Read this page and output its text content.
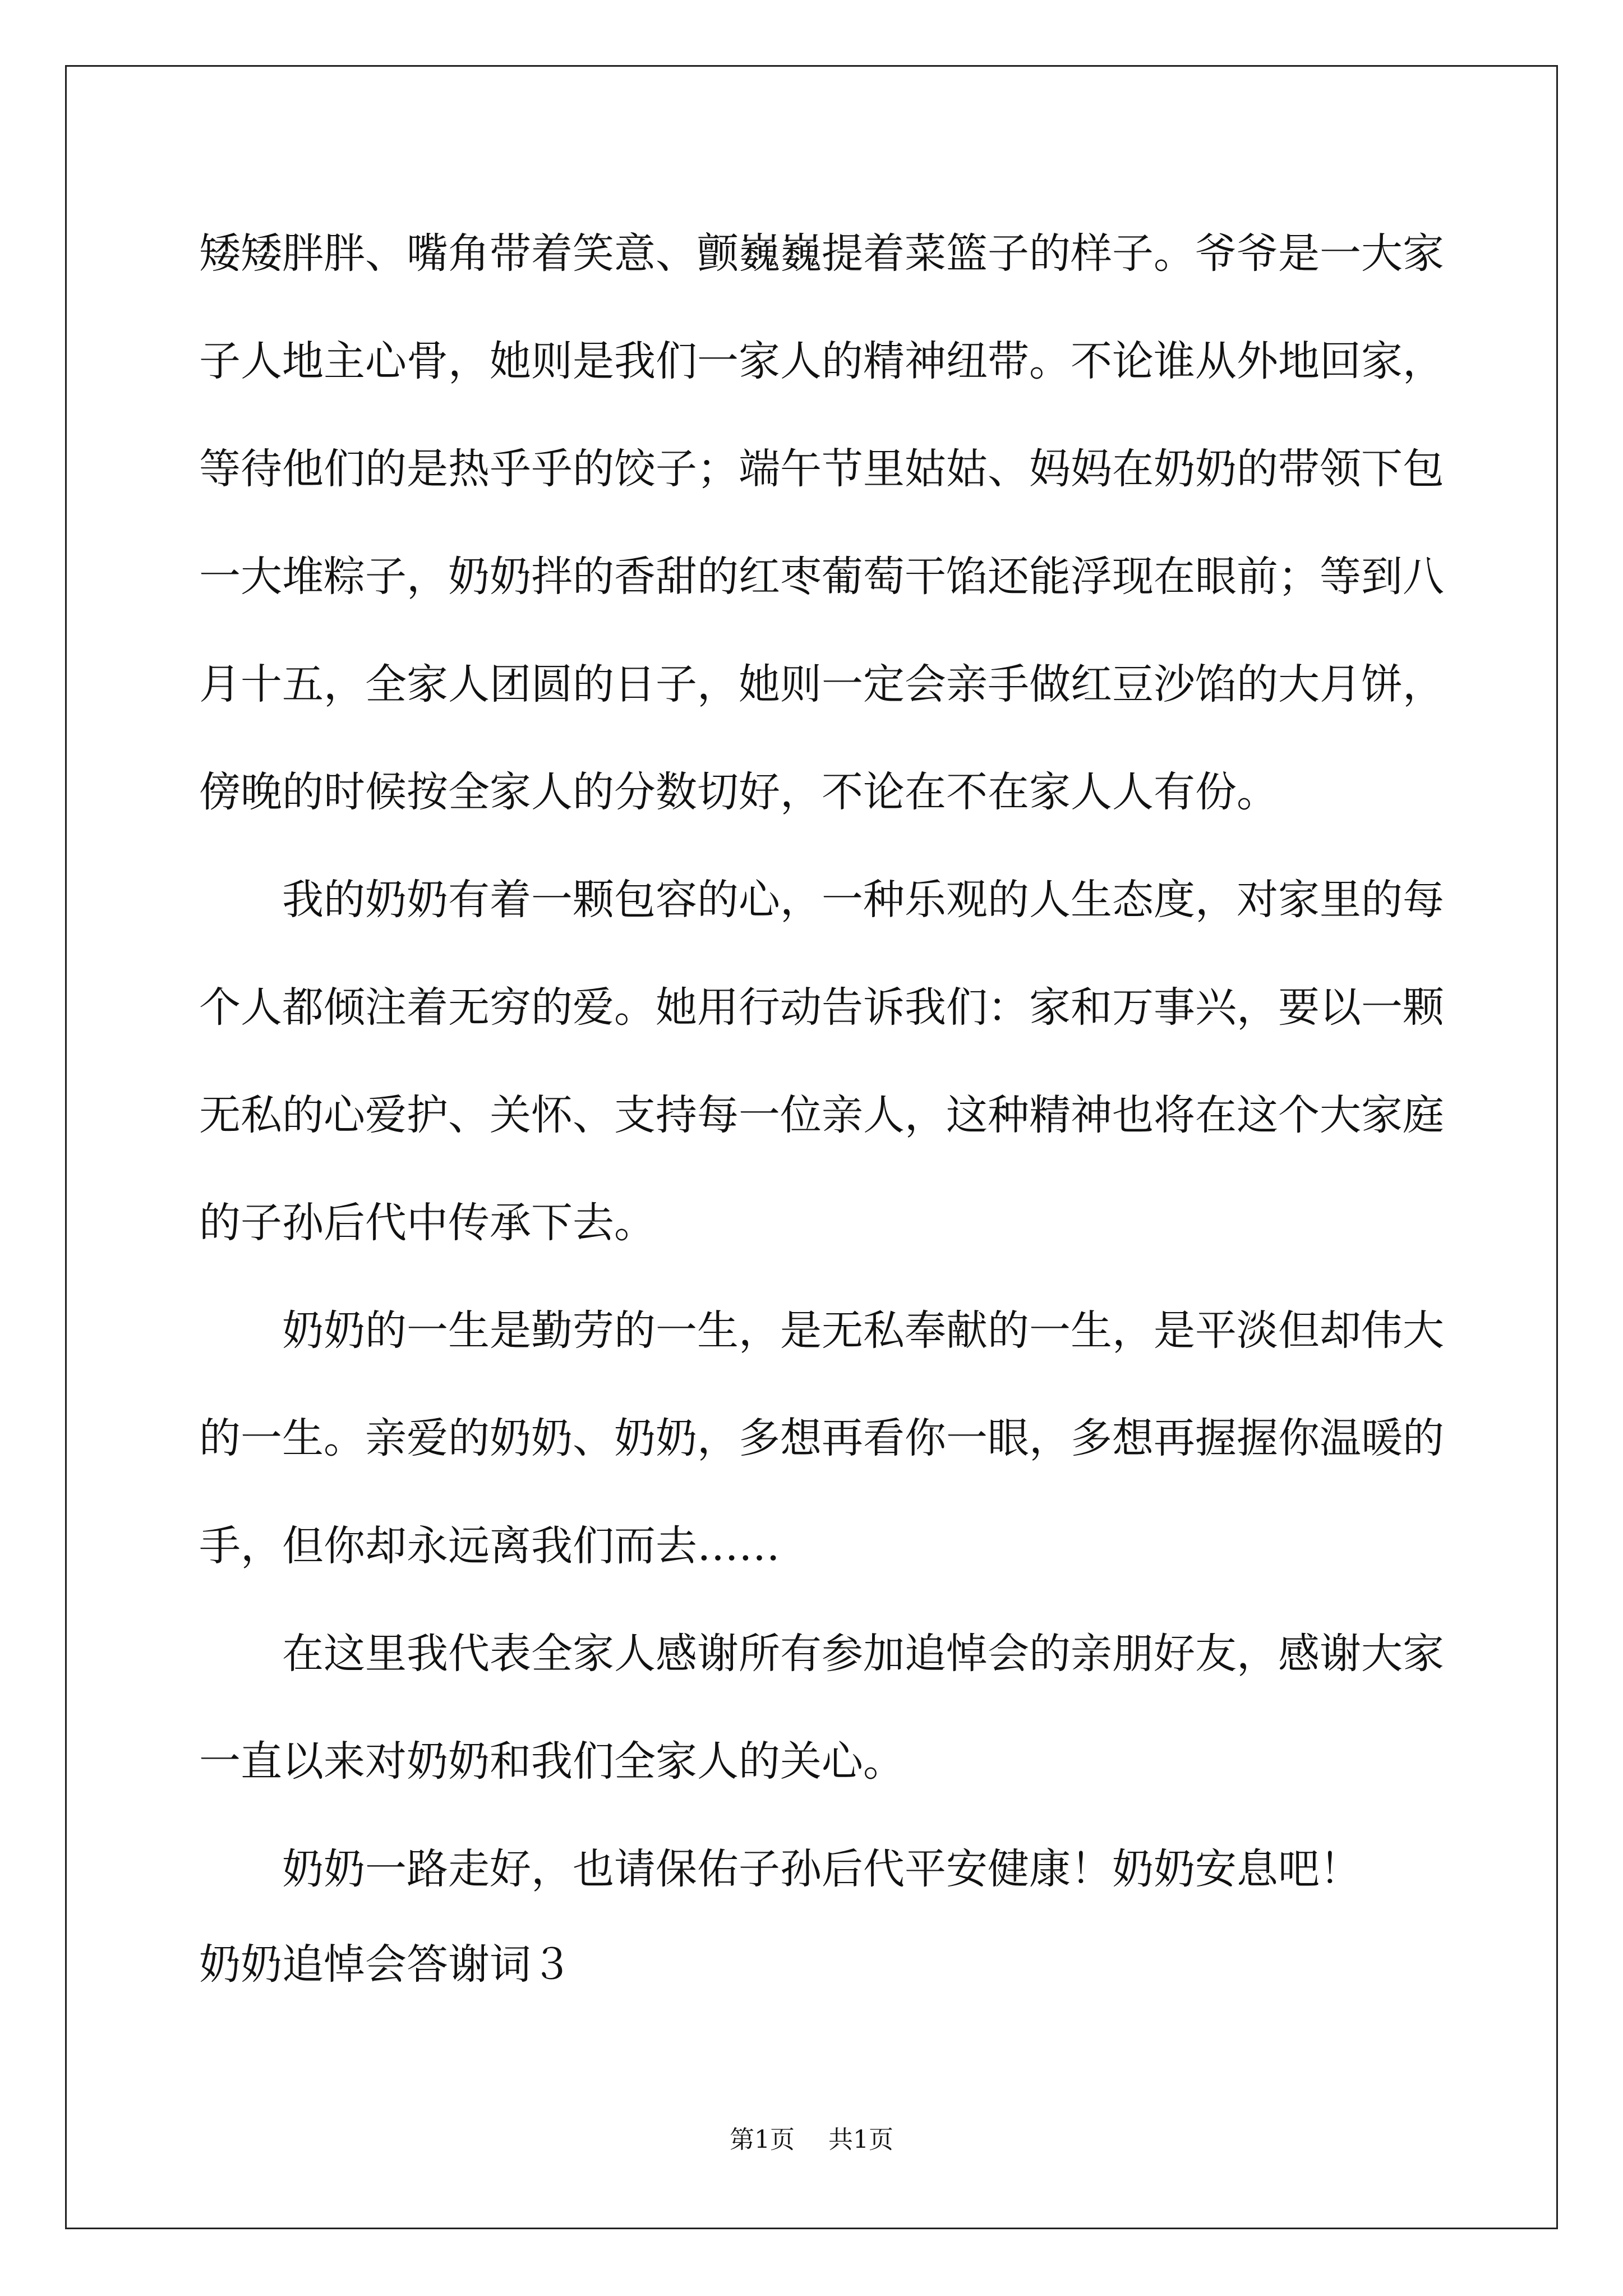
矮矮胖胖、嘴角带着笑意、颤巍巍提着菜篮子的样子。爷爷是一大家
子人地主心骨，她则是我们一家人的精神纽带。不论谁从外地回家，
等待他们的是热乎乎的饺子；端午节里姑姑、妈妈在奶奶的带领下包
一大堆粽子，奶奶拌的香甜的红枣葡萄干馅还能浮现在眼前；等到八
月十五，全家人团圆的日子，她则一定会亲手做红豆沙馅的大月饼，
傍晚的时候按全家人的分数切好，不论在不在家人人有份。
　　我的奶奶有着一颗包容的心，一种乐观的人生态度，对家里的每
个人都倾注着无穷的爱。她用行动告诉我们：家和万事兴，要以一颗
无私的心爱护、关怀、支持每一位亲人，这种精神也将在这个大家庭
的子孙后代中传承下去。
　　奶奶的一生是勤劳的一生，是无私奉献的一生，是平淡但却伟大
的一生。亲爱的奶奶、奶奶，多想再看你一眼，多想再握握你温暖的
手，但你却永远离我们而去……
　　在这里我代表全家人感谢所有参加追悼会的亲朋好友，感谢大家
一直以来对奶奶和我们全家人的关心。
　　奶奶一路走好，也请保佑子孙后代平安健康！奶奶安息吧！
奶奶追悼会答谢词３
第1页 共1页
